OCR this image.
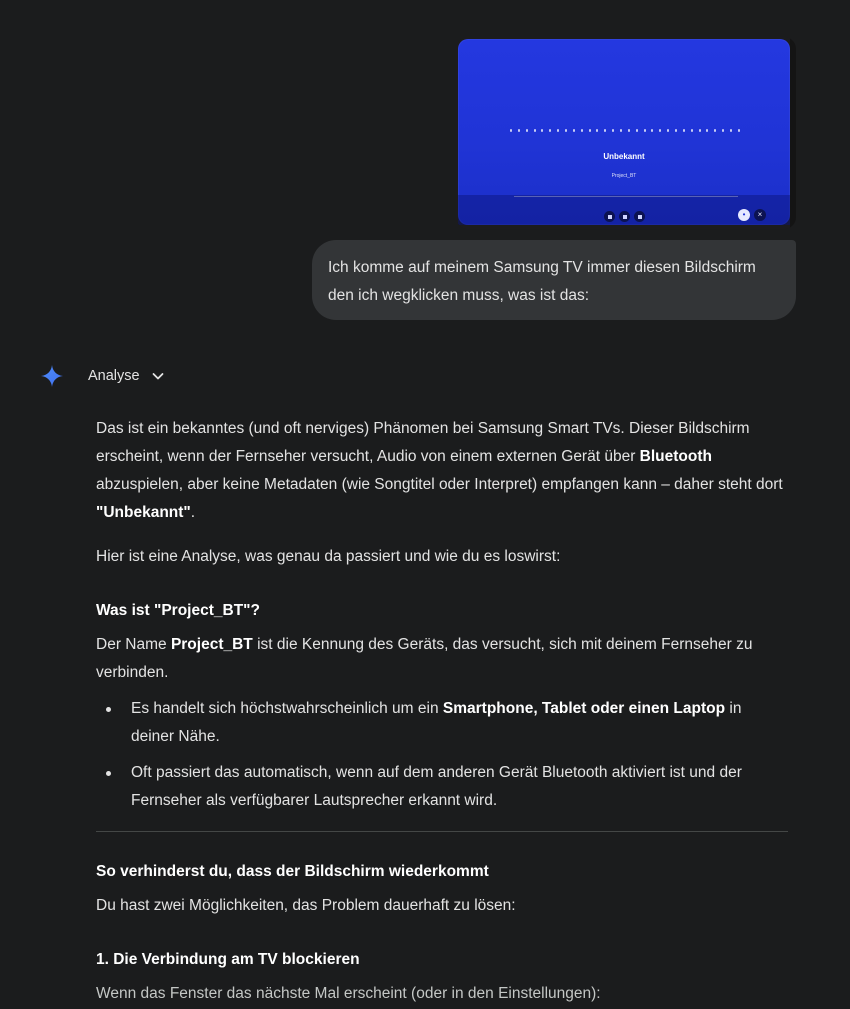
Unbekannt
Project_BT
•	×
Ich komme auf meinem Samsung TV immer diesen Bildschirm den ich wegklicken muss, was ist das:
Analyse

Das ist ein bekanntes (und oft nerviges) Phänomen bei Samsung Smart TVs. Dieser Bildschirm erscheint, wenn der Fernseher versucht, Audio von einem externen Gerät über Bluetooth abzuspielen, aber keine Metadaten (wie Songtitel oder Interpret) empfangen kann – daher steht dort "Unbekannt".

Hier ist eine Analyse, was genau da passiert und wie du es loswirst:

Was ist "Project_BT"?

Der Name Project_BT ist die Kennung des Geräts, das versucht, sich mit deinem Fernseher zu verbinden.

Es handelt sich höchstwahrscheinlich um ein Smartphone, Tablet oder einen Laptop in deiner Nähe.
Oft passiert das automatisch, wenn auf dem anderen Gerät Bluetooth aktiviert ist und der Fernseher als verfügbarer Lautsprecher erkannt wird.
So verhinderst du, dass der Bildschirm wiederkommt

Du hast zwei Möglichkeiten, das Problem dauerhaft zu lösen:

1. Die Verbindung am TV blockieren

Wenn das Fenster das nächste Mal erscheint (oder in den Einstellungen):
